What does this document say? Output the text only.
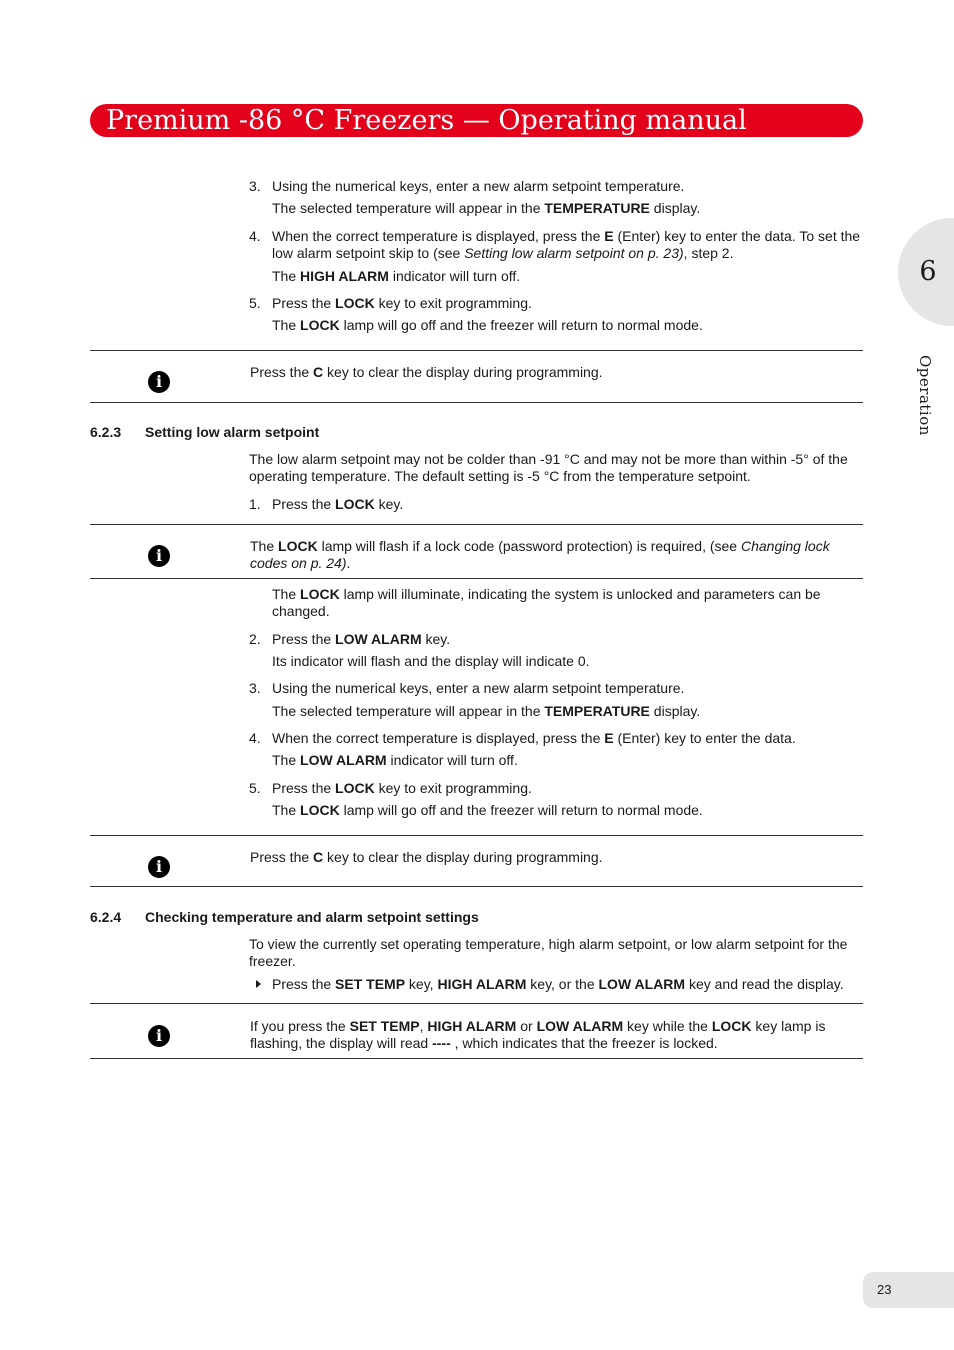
Premium -86 °C Freezers — Operating manual
6
Operation
3. Using the numerical keys, enter a new alarm setpoint temperature.
The selected temperature will appear in the TEMPERATURE display.
4. When the correct temperature is displayed, press the E (Enter) key to enter the data. To set the low alarm setpoint skip to (see Setting low alarm setpoint on p. 23), step 2.
The HIGH ALARM indicator will turn off.
5. Press the LOCK key to exit programming.
The LOCK lamp will go off and the freezer will return to normal mode.
i	Press the C key to clear the display during programming.
6.2.3 Setting low alarm setpoint
The low alarm setpoint may not be colder than -91 °C and may not be more than within -5° of the operating temperature. The default setting is -5 °C from the temperature setpoint.
1. Press the LOCK key.
i	The LOCK lamp will flash if a lock code (password protection) is required, (see Changing lock codes on p. 24).
The LOCK lamp will illuminate, indicating the system is unlocked and parameters can be changed.
2. Press the LOW ALARM key.
Its indicator will flash and the display will indicate 0.
3. Using the numerical keys, enter a new alarm setpoint temperature.
The selected temperature will appear in the TEMPERATURE display.
4. When the correct temperature is displayed, press the E (Enter) key to enter the data.
The LOW ALARM indicator will turn off.
5. Press the LOCK key to exit programming.
The LOCK lamp will go off and the freezer will return to normal mode.
i	Press the C key to clear the display during programming.
6.2.4 Checking temperature and alarm setpoint settings
To view the currently set operating temperature, high alarm setpoint, or low alarm setpoint for the freezer.
Press the SET TEMP key, HIGH ALARM key, or the LOW ALARM key and read the display.
i	If you press the SET TEMP, HIGH ALARM or LOW ALARM key while the LOCK key lamp is flashing, the display will read ---- , which indicates that the freezer is locked.
23
